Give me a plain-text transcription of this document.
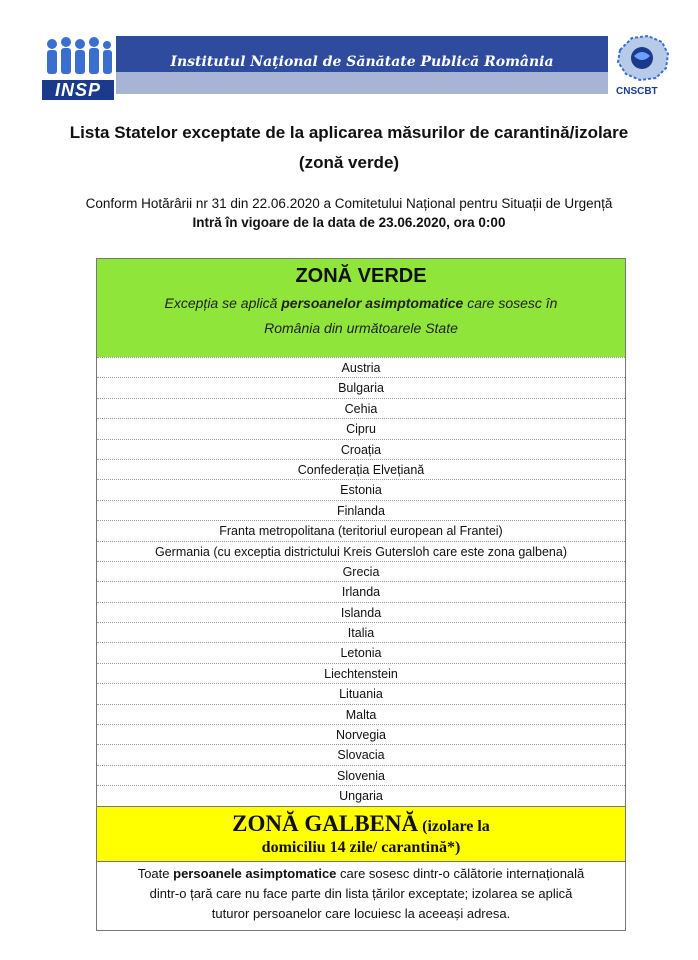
INSP
Institutul Național de Sănătate Publică România
CNSCBT
Lista Statelor exceptate de la aplicarea măsurilor de carantină/izolare
(zonă verde)
Conform Hotărârii nr 31 din 22.06.2020 a Comitetului Național pentru Situații de Urgență
Intră în vigoare de la data de 23.06.2020, ora 0:00
ZONĂ VERDE

Excepția se aplică persoanelor asimptomatice care sosesc în

România din următoarele State

Austria
Bulgaria
Cehia
Cipru
Croația
Confederația Elvețiană
Estonia
Finlanda
Franta metropolitana (teritoriul european al Frantei)
Germania (cu exceptia districtului Kreis Gutersloh care este zona galbena)
Grecia
Irlanda
Islanda
Italia
Letonia
Liechtenstein
Lituania
Malta
Norvegia
Slovacia
Slovenia
Ungaria
ZONĂ GALBENĂ (izolare la
domiciliu 14 zile/ carantină*)
Toate persoanele asimptomatice care sosesc dintr-o călătorie internațională
dintr-o țară care nu face parte din lista țărilor exceptate; izolarea se aplică
tuturor persoanelor care locuiesc la aceeași adresa.
